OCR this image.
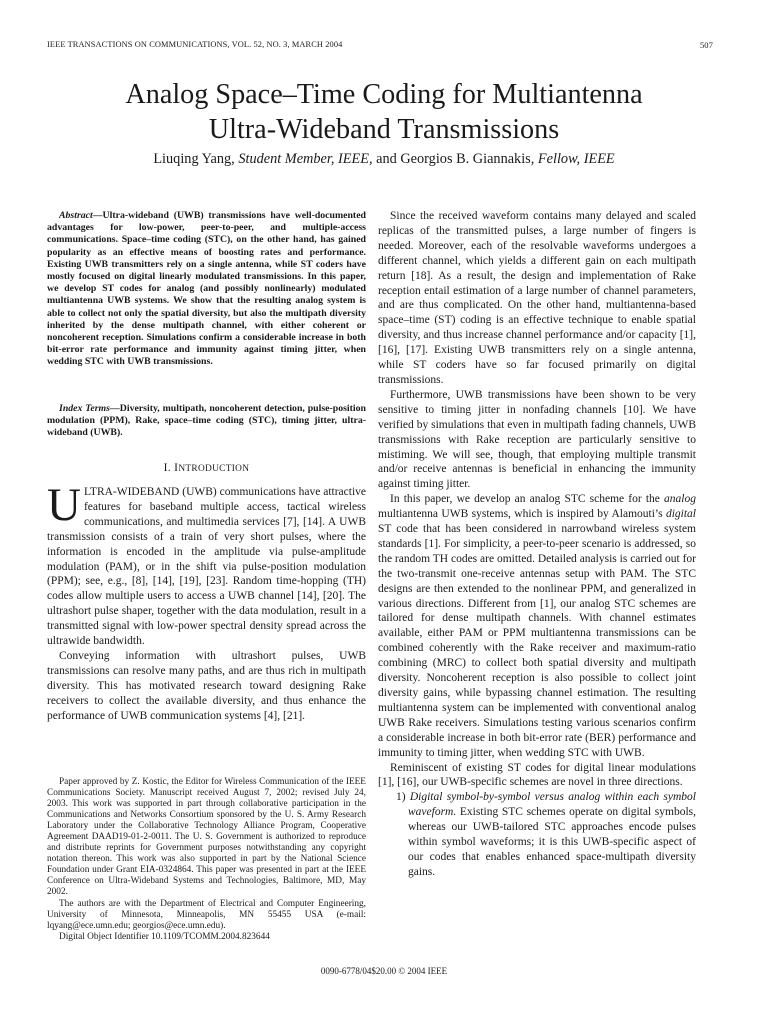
IEEE TRANSACTIONS ON COMMUNICATIONS, VOL. 52, NO. 3, MARCH 2004	507
Analog Space–Time Coding for Multiantenna
Ultra-Wideband Transmissions
Liuqing Yang, Student Member, IEEE, and Georgios B. Giannakis, Fellow, IEEE
Abstract—Ultra-wideband (UWB) transmissions have well-documented advantages for low-power, peer-to-peer, and multiple-access communications. Space–time coding (STC), on the other hand, has gained popularity as an effective means of boosting rates and performance. Existing UWB transmitters rely on a single antenna, while ST coders have mostly focused on digital linearly modulated transmissions. In this paper, we develop ST codes for analog (and possibly nonlinearly) modulated multiantenna UWB systems. We show that the resulting analog system is able to collect not only the spatial diversity, but also the multipath diversity inherited by the dense multipath channel, with either coherent or noncoherent reception. Simulations confirm a considerable increase in both bit-error rate performance and immunity against timing jitter, when wedding STC with UWB transmissions.
Index Terms—Diversity, multipath, noncoherent detection, pulse-position modulation (PPM), Rake, space–time coding (STC), timing jitter, ultra-wideband (UWB).
I. INTRODUCTION

ULTRA-WIDEBAND (UWB) communications have attractive features for baseband multiple access, tactical wireless communications, and multimedia services [7], [14]. A UWB transmission consists of a train of very short pulses, where the information is encoded in the amplitude via pulse-amplitude modulation (PAM), or in the shift via pulse-position modulation (PPM); see, e.g., [8], [14], [19], [23]. Random time-hopping (TH) codes allow multiple users to access a UWB channel [14], [20]. The ultrashort pulse shaper, together with the data modulation, result in a transmitted signal with low-power spectral density spread across the ultrawide bandwidth.

Conveying information with ultrashort pulses, UWB transmissions can resolve many paths, and are thus rich in multipath diversity. This has motivated research toward designing Rake receivers to collect the available diversity, and thus enhance the performance of UWB communication systems [4], [21].

Paper approved by Z. Kostic, the Editor for Wireless Communication of the IEEE Communications Society. Manuscript received August 7, 2002; revised July 24, 2003. This work was supported in part through collaborative participation in the Communications and Networks Consortium sponsored by the U. S. Army Research Laboratory under the Collaborative Technology Alliance Program, Cooperative Agreement DAAD19-01-2-0011. The U. S. Government is authorized to reproduce and distribute reprints for Government purposes notwithstanding any copyright notation thereon. This work was also supported in part by the National Science Foundation under Grant EIA-0324864. This paper was presented in part at the IEEE Conference on Ultra-Wideband Systems and Technologies, Baltimore, MD, May 2002.

The authors are with the Department of Electrical and Computer Engineering, University of Minnesota, Minneapolis, MN 55455 USA (e-mail: lqyang@ece.umn.edu; georgios@ece.umn.edu).

Digital Object Identifier 10.1109/TCOMM.2004.823644

Since the received waveform contains many delayed and scaled replicas of the transmitted pulses, a large number of fingers is needed. Moreover, each of the resolvable waveforms undergoes a different channel, which yields a different gain on each multipath return [18]. As a result, the design and implementation of Rake reception entail estimation of a large number of channel parameters, and are thus complicated. On the other hand, multiantenna-based space–time (ST) coding is an effective technique to enable spatial diversity, and thus increase channel performance and/or capacity [1], [16], [17]. Existing UWB transmitters rely on a single antenna, while ST coders have so far focused primarily on digital transmissions.

Furthermore, UWB transmissions have been shown to be very sensitive to timing jitter in nonfading channels [10]. We have verified by simulations that even in multipath fading channels, UWB transmissions with Rake reception are particularly sensitive to mistiming. We will see, though, that employing multiple transmit and/or receive antennas is beneficial in enhancing the immunity against timing jitter.

In this paper, we develop an analog STC scheme for the analog multiantenna UWB systems, which is inspired by Alamouti’s digital ST code that has been considered in narrowband wireless system standards [1]. For simplicity, a peer-to-peer scenario is addressed, so the random TH codes are omitted. Detailed analysis is carried out for the two-transmit one-receive antennas setup with PAM. The STC designs are then extended to the nonlinear PPM, and generalized in various directions. Different from [1], our analog STC schemes are tailored for dense multipath channels. With channel estimates available, either PAM or PPM multiantenna transmissions can be combined coherently with the Rake receiver and maximum-ratio combining (MRC) to collect both spatial diversity and multipath diversity. Noncoherent reception is also possible to collect joint diversity gains, while bypassing channel estimation. The resulting multiantenna system can be implemented with conventional analog UWB Rake receivers. Simulations testing various scenarios confirm a considerable increase in both bit-error rate (BER) performance and immunity to timing jitter, when wedding STC with UWB.

Reminiscent of existing ST codes for digital linear modulations [1], [16], our UWB-specific schemes are novel in three directions.

1) Digital symbol-by-symbol versus analog within each symbol waveform. Existing STC schemes operate on digital symbols, whereas our UWB-tailored STC approaches encode pulses within symbol waveforms; it is this UWB-specific aspect of our codes that enables enhanced space-multipath diversity gains.

0090-6778/04$20.00 © 2004 IEEE
